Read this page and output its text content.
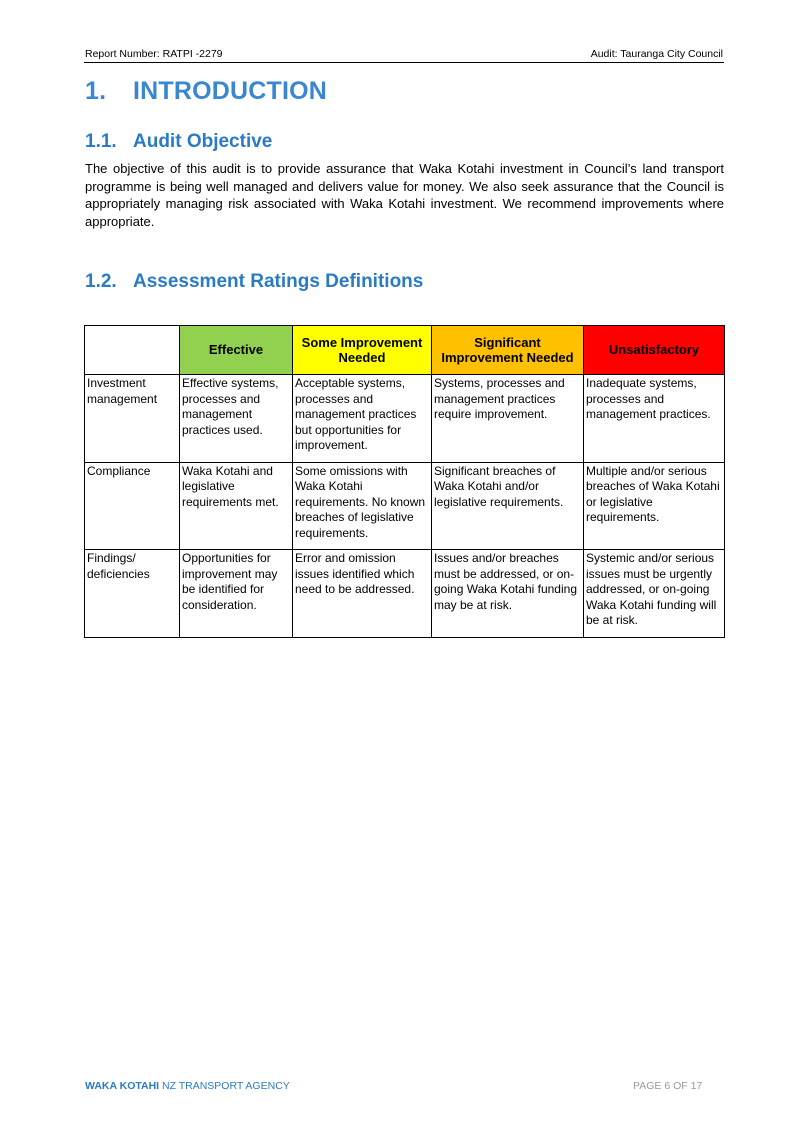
Report Number: RATPI -2279	Audit: Tauranga City Council
1. INTRODUCTION
1.1. Audit Objective
The objective of this audit is to provide assurance that Waka Kotahi investment in Council’s land transport programme is being well managed and delivers value for money. We also seek assurance that the Council is appropriately managing risk associated with Waka Kotahi investment. We recommend improvements where appropriate.
1.2. Assessment Ratings Definitions
	Effective	Some Improvement Needed	Significant Improvement Needed	Unsatisfactory
Investment management	Effective systems, processes and management practices used.	Acceptable systems, processes and management practices but opportunities for improvement.	Systems, processes and management practices require improvement.	Inadequate systems, processes and management practices.
Compliance	Waka Kotahi and legislative requirements met.	Some omissions with Waka Kotahi requirements. No known breaches of legislative requirements.	Significant breaches of Waka Kotahi and/or legislative requirements.	Multiple and/or serious breaches of Waka Kotahi or legislative requirements.
Findings/ deficiencies	Opportunities for improvement may be identified for consideration.	Error and omission issues identified which need to be addressed.	Issues and/or breaches must be addressed, or on-going Waka Kotahi funding may be at risk.	Systemic and/or serious issues must be urgently addressed, or on-going Waka Kotahi funding will be at risk.
WAKA KOTAHI NZ TRANSPORT AGENCY	PAGE 6 OF 17
